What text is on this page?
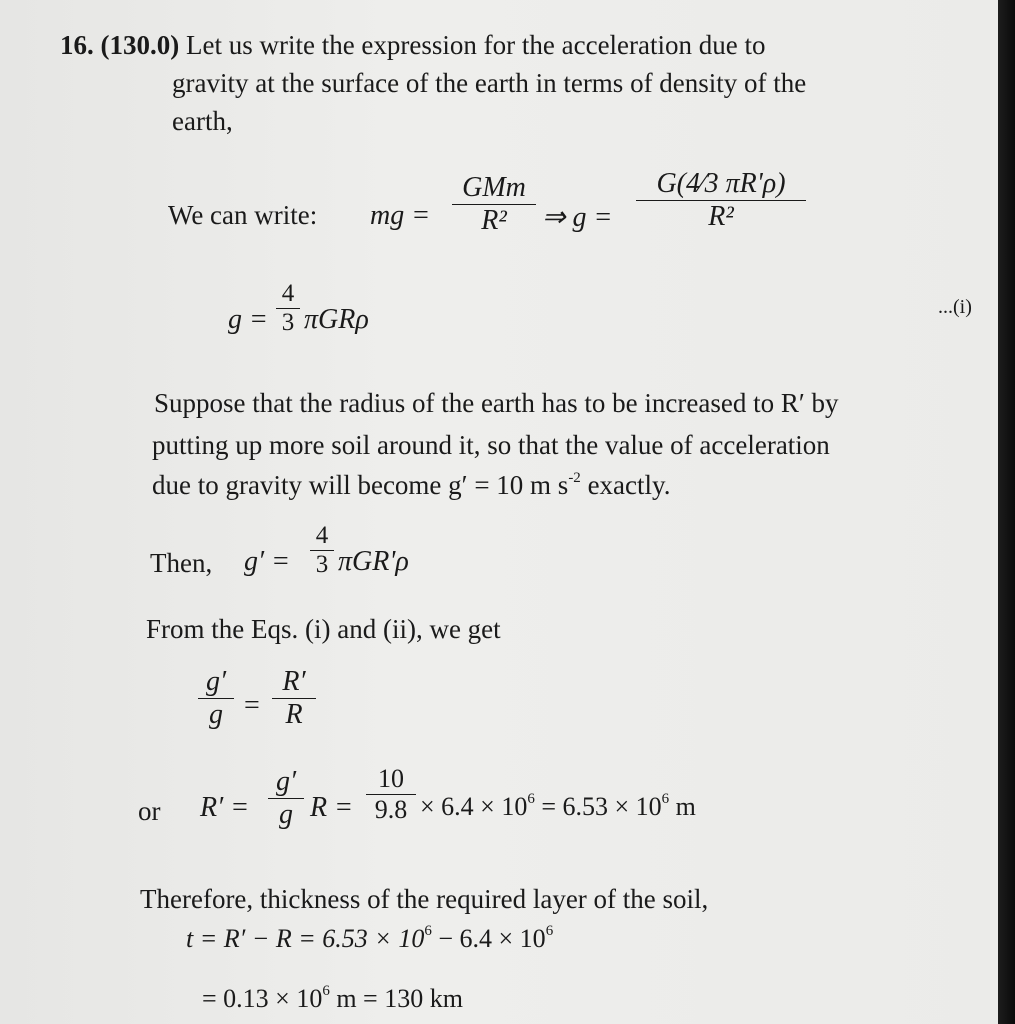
16. (130.0) Let us write the expression for the acceleration due to
gravity at the surface of the earth in terms of density of the
earth,
We can write: mg =
GMm
R²	⇒ g =
G(4⁄3 πR'ρ)
R²
g =
4
3 πGRρ	...(i)
Suppose that the radius of the earth has to be increased to R′ by
putting up more soil around it, so that the value of acceleration
due to gravity will become g′ = 10 m $s^{-2}$ exactly.
Then, g′ =
4
3 πGR'ρ
From the Eqs. (i) and (ii), we get
g′
g =
R′
R
or R′ =
g′
g R =
10
$9.8 \times 6.4 \times 10^6 = 6.53 \times 10^6$ m
Therefore, thickness of the required layer of the soil,
$t = R' - R = 6.53 \times 10^6 - 6.4 \times 10^6$
= $0.13 \times 10^6$ m = 130 km
